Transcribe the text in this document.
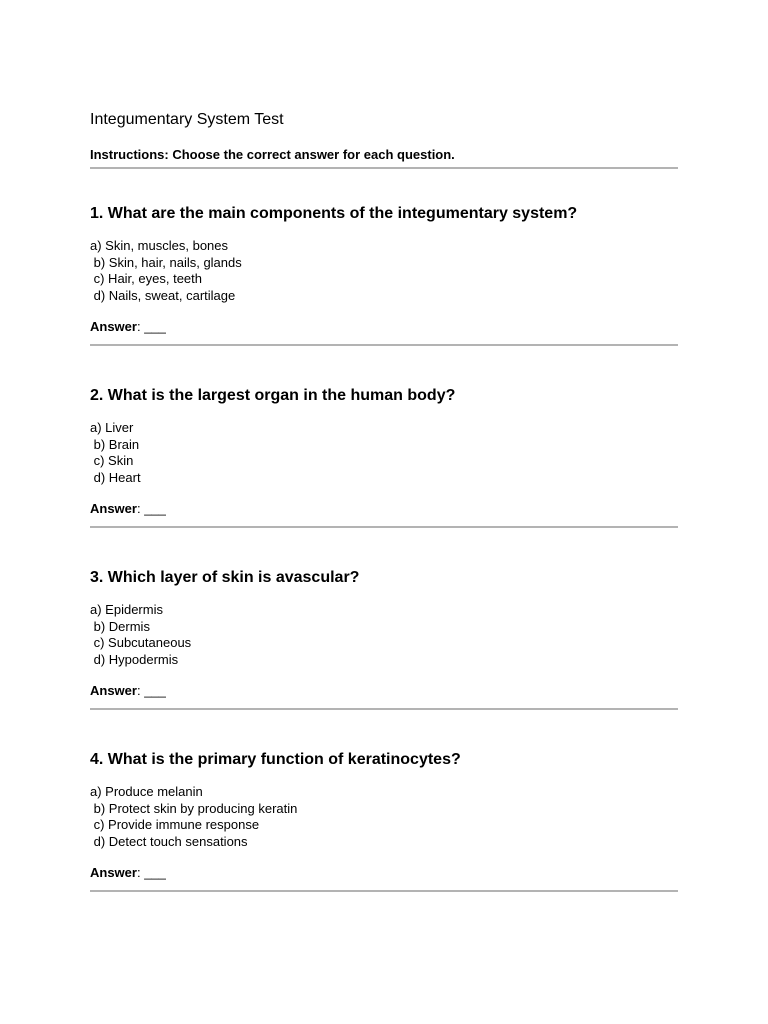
Integumentary System Test
Instructions: Choose the correct answer for each question.

1. What are the main components of the integumentary system?

a) Skin, muscles, bones
b) Skin, hair, nails, glands
c) Hair, eyes, teeth
d) Nails, sweat, cartilage
Answer: ___

2. What is the largest organ in the human body?

a) Liver
b) Brain
c) Skin
d) Heart
Answer: ___

3. Which layer of skin is avascular?

a) Epidermis
b) Dermis
c) Subcutaneous
d) Hypodermis
Answer: ___

4. What is the primary function of keratinocytes?

a) Produce melanin
b) Protect skin by producing keratin
c) Provide immune response
d) Detect touch sensations
Answer: ___
